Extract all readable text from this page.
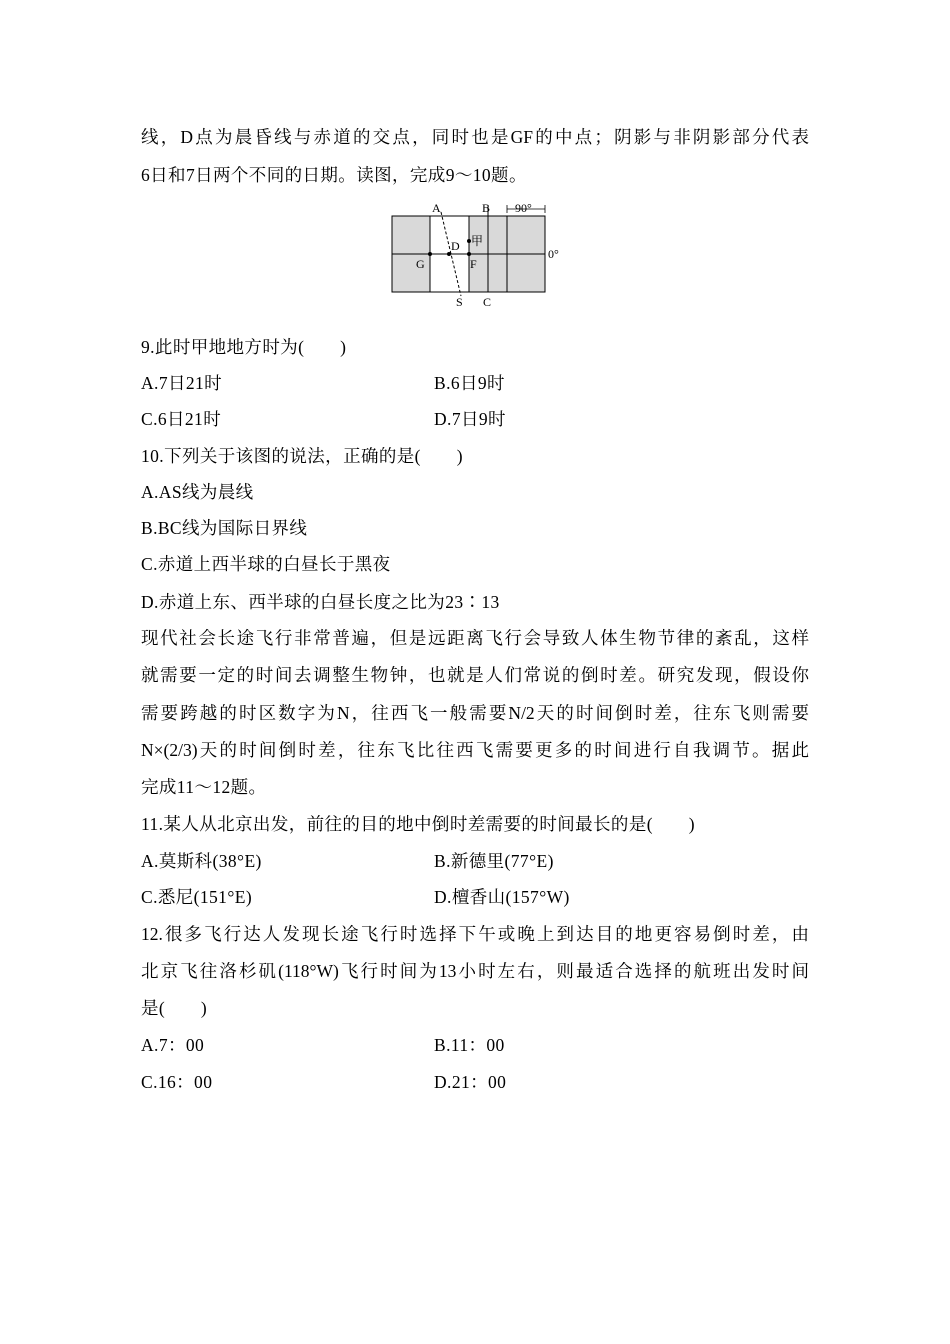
线，D点为晨昏线与赤道的交点，同时也是GF的中点；阴影与非阴影部分代表
6日和7日两个不同的日期。读图，完成9～10题。
A	B 90°
D 甲
G	F
0°
S C
9.此时甲地地方时为(　　)
A.7日21时	B.6日9时
C.6日21时	D.7日9时
10.下列关于该图的说法，正确的是(　　)
A.AS线为晨线
B.BC线为国际日界线
C.赤道上西半球的白昼长于黑夜
D.赤道上东、西半球的白昼长度之比为23∶13
现代社会长途飞行非常普遍，但是远距离飞行会导致人体生物节律的紊乱，这样
就需要一定的时间去调整生物钟，也就是人们常说的倒时差。研究发现，假设你
需要跨越的时区数字为N，往西飞一般需要N/2天的时间倒时差，往东飞则需要
N×(2/3)天的时间倒时差，往东飞比往西飞需要更多的时间进行自我调节。据此
完成11～12题。
11.某人从北京出发，前往的目的地中倒时差需要的时间最长的是(　　)
A.莫斯科(38°E)	B.新德里(77°E)
C.悉尼(151°E)	D.檀香山(157°W)
12.很多飞行达人发现长途飞行时选择下午或晚上到达目的地更容易倒时差，由
北京飞往洛杉矶(118°W)飞行时间为13小时左右，则最适合选择的航班出发时间
是(　　)
A.7：00	B.11：00
C.16：00	D.21：00
